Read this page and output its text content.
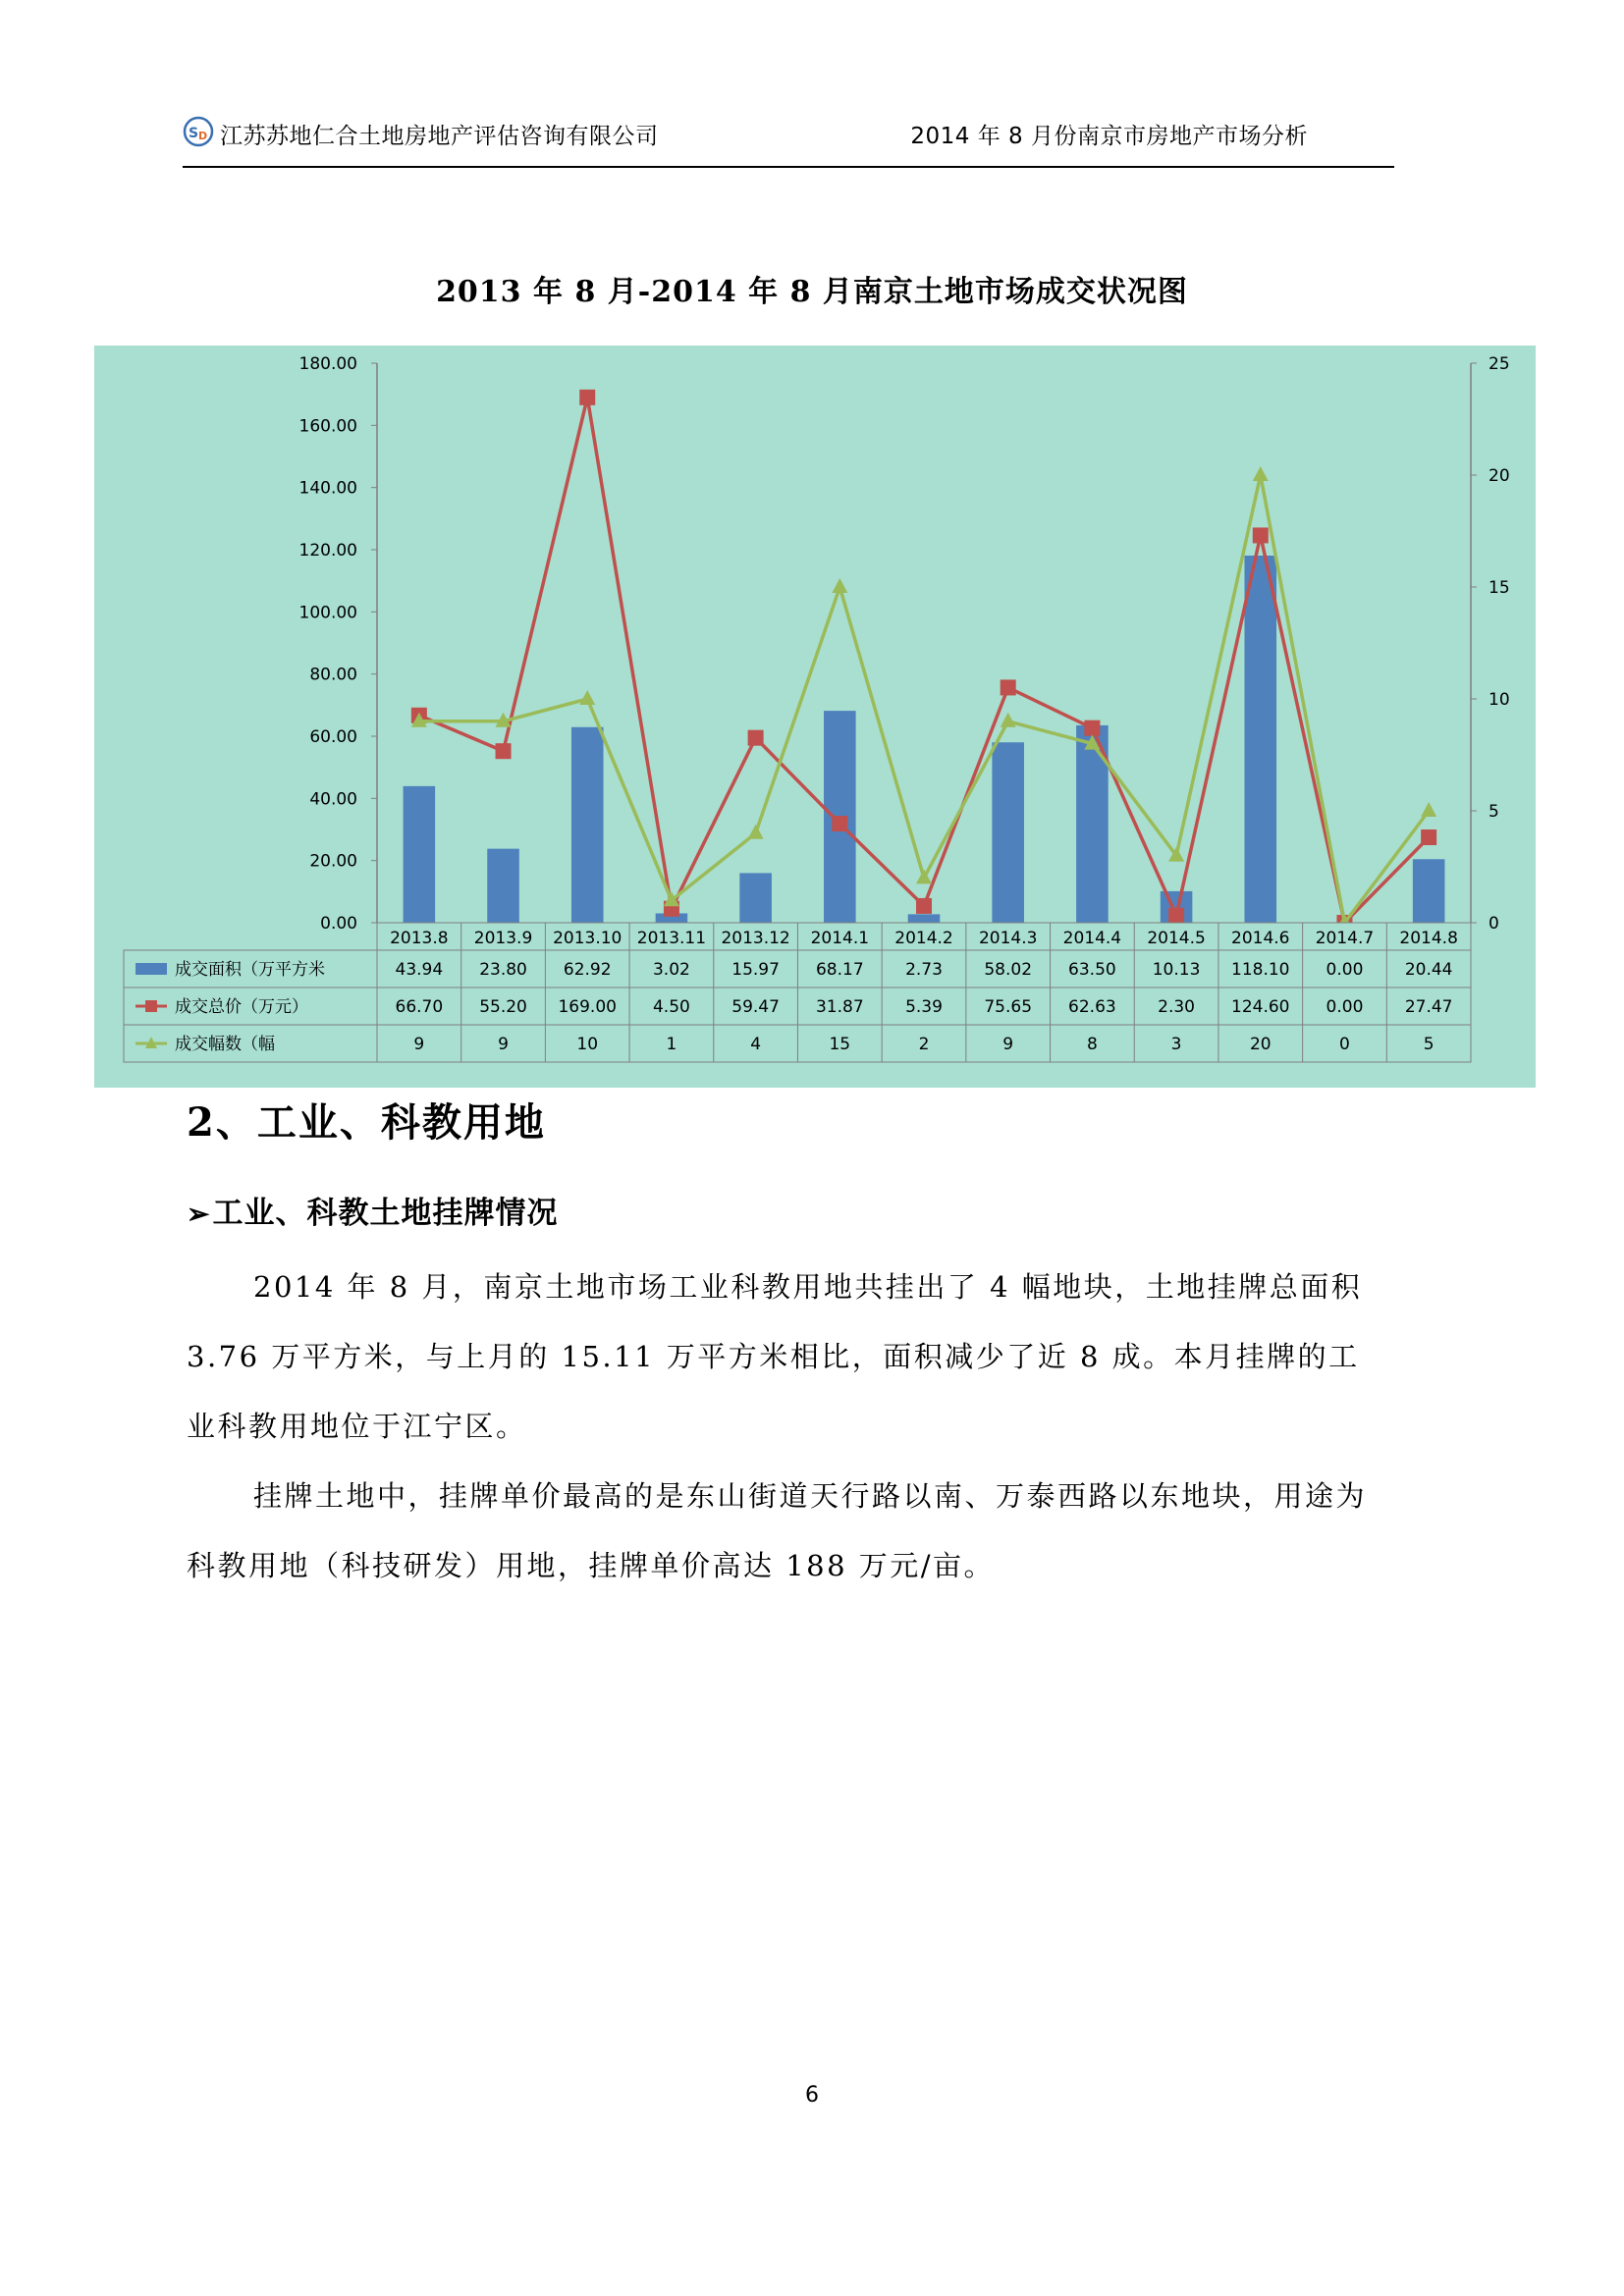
S D 江苏苏地仁合土地房地产评估咨询有限公司	2014 年 8 月份南京市房地产市场分析
2013 年 8 月-2014 年 8 月南京土地市场成交状况图
0.00
20.00
40.00
60.00
80.00
100.00
120.00
140.00
160.00
180.00
0
5
10
15
20
25
2013.8 2013.9 2013.10 2013.11 2013.12 2014.1 2014.2 2014.3 2014.4 2014.5 2014.6 2014.7 2014.8
成交面积（万平方米	43.94 23.80 62.92 3.02 15.97 68.17 2.73 58.02 63.50 10.13 118.10 0.00 20.44
成交总价（万元）	66.70 55.20 169.00 4.50 59.47 31.87 5.39 75.65 62.63 2.30 124.60 0.00 27.47
成交幅数（幅	9	9	10	1	4	15	2	9	8	3	20	0	5
2、工业、科教用地
➢工业、科教土地挂牌情况

2014 年 8 月，南京土地市场工业科教用地共挂出了 4 幅地块，土地挂牌总面积 3.76 万平方米，与上月的 15.11 万平方米相比，面积减少了近 8 成。本月挂牌的工业科教用地位于江宁区。

挂牌土地中，挂牌单价最高的是东山街道天行路以南、万泰西路以东地块，用途为科教用地（科技研发）用地，挂牌单价高达 188 万元/亩。

6
